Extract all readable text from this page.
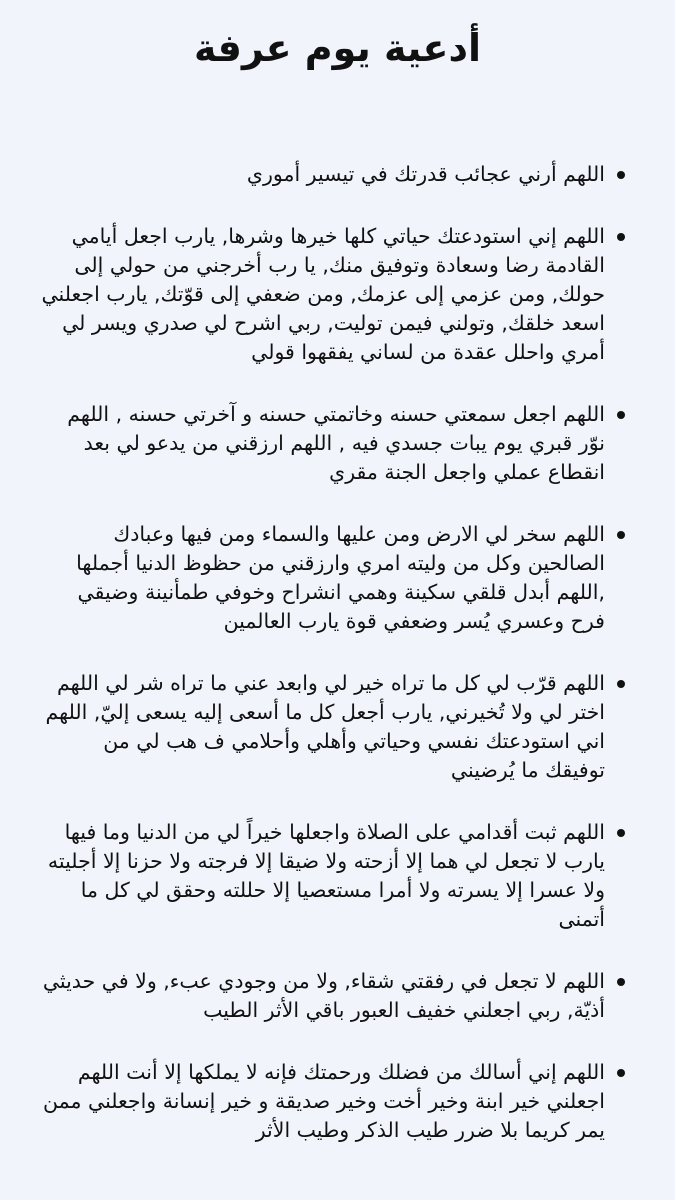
أدعية يوم عرفة
اللهم أرني عجائب قدرتك في تيسير أموري
اللهم إني استودعتك حياتي كلها خيرها وشرها, يارب اجعل أيامي القادمة رضا وسعادة وتوفيق منك, يا رب أخرجني من حولي إلى حولك, ومن عزمي إلى عزمك, ومن ضعفي إلى قوّتك, يارب اجعلني اسعد خلقك, وتولني فيمن توليت, ربي اشرح لي صدري ويسر لي أمري واحلل عقدة من لساني يفقهوا قولي
اللهم اجعل سمعتي حسنه وخاتمتي حسنه و آخرتي حسنه , اللهم نوّر قبري يوم يبات جسدي فيه , اللهم ارزقني من يدعو لي بعد انقطاع عملي واجعل الجنة مقري
اللهم سخر لي الارض ومن عليها والسماء ومن فيها وعبادك الصالحين وكل من وليته امري وارزقني من حظوظ الدنيا أجملها ,اللهم أبدل قلقي سكينة وهمي انشراح وخوفي طمأنينة وضيقي فرح وعسري يُسر وضعفي قوة يارب العالمين
اللهم قرّب لي كل ما تراه خير لي وابعد عني ما تراه شر لي اللهم اختر لي ولا تُخيرني, يارب أجعل كل ما أسعى إليه يسعى إليّ, اللهم اني استودعتك نفسي وحياتي وأهلي وأحلامي ف هب لي من توفيقك ما يُرضيني
اللهم ثبت أقدامي على الصلاة واجعلها خيراً لي من الدنيا وما فيها يارب لا تجعل لي هما إلا أزحته ولا ضيقا إلا فرجته ولا حزنا إلا أجليته ولا عسرا إلا يسرته ولا أمرا مستعصيا إلا حللته وحقق لي كل ما أتمنى
اللهم لا تجعل في رفقتي شقاء, ولا من وجودي عبء, ولا في حديثي أذيّة, ربي اجعلني خفيف العبور باقي الأثر الطيب
اللهم إني أسالك من فضلك ورحمتك فإنه لا يملكها إلا أنت اللهم اجعلني خير ابنة وخير أخت وخير صديقة و خير إنسانة واجعلني ممن يمر كريما بلا ضرر طيب الذكر وطيب الأثر
